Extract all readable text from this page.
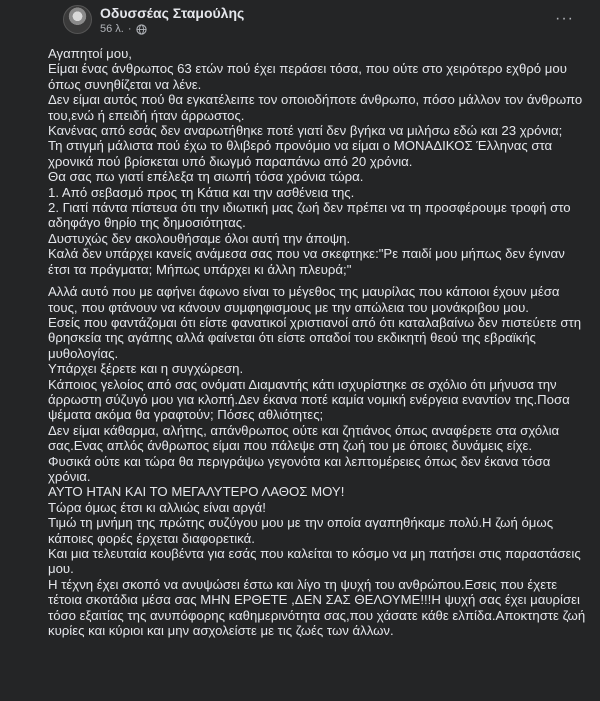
Οδυσσέας Σταμούλης
56 λ. ·
···

Αγαπητοί μου,

Είμαι ένας άνθρωπος 63 ετών πού έχει περάσει τόσα, που ούτε στο χειρότερο εχθρό μου όπως συνηθίζεται να λένε.

Δεν είμαι αυτός πού θα εγκατέλειπε τον οποιοδήποτε άνθρωπο, πόσο μάλλον τον άνθρωπο του,ενώ ή επειδή ήταν άρρωστος.

Κανένας από εσάς δεν αναρωτήθηκε ποτέ γιατί δεν βγήκα να μιλήσω εδώ και 23 χρόνια;

Τη στιγμή μάλιστα πού έχω το θλιβερό προνόμιο να είμαι ο ΜΟΝΑΔΙΚΟΣ Έλληνας στα χρονικά πού βρίσκεται υπό διωγμό παραπάνω από 20 χρόνια.

Θα σας πω γιατί επέλεξα τη σιωπή τόσα χρόνια τώρα.

1. Από σεβασμό προς τη Κάτια και την ασθένεια της.

2. Γιατί πάντα πίστευα ότι την ιδιωτική μας ζωή δεν πρέπει να τη προσφέρουμε τροφή στο αδηφάγο θηρίο της δημοσιότητας.

Δυστυχώς δεν ακολουθήσαμε όλοι αυτή την άποψη.

Καλά δεν υπάρχει κανείς ανάμεσα σας που να σκεφτηκε:"Ρε παιδί μου μήπως δεν έγιναν έτσι τα πράγματα; Μήπως υπάρχει κι άλλη πλευρά;"

Αλλά αυτό που με αφήνει άφωνο είναι το μέγεθος της μαυρίλας που κάποιοι έχουν μέσα τους, που φτάνουν να κάνουν συμφηφισμους με την απώλεια του μονάκριβου μου.

Εσείς που φαντάζομαι ότι είστε φανατικοί χριστιανοί από ότι καταλαβαίνω δεν πιστεύετε στη θρησκεία της αγάπης αλλά φαίνεται ότι είστε οπαδοί του εκδικητή θεού της εβραϊκής μυθολογίας.

Υπάρχει ξέρετε και η συγχώρεση.

Κάποιος γελοίος από σας ονόματι Διαμαντής κάτι ισχυρίστηκε σε σχόλιο ότι μήνυσα την άρρωστη σύζυγό μου για κλοπή.Δεν έκανα ποτέ καμία νομική ενέργεια εναντίον της.Ποσα ψέματα ακόμα θα γραφτούν; Πόσες αθλιότητες;

Δεν είμαι κάθαρμα, αλήτης, απάνθρωπος ούτε και ζητιάνος όπως αναφέρετε στα σχόλια σας.Ενας απλός άνθρωπος είμαι που πάλεψε στη ζωή του με όποιες δυνάμεις είχε.

Φυσικά ούτε και τώρα θα περιγράψω γεγονότα και λεπτομέρειες όπως δεν έκανα τόσα χρόνια.

ΑΥΤΟ ΗΤΑΝ ΚΑΙ ΤΟ ΜΕΓΑΛΥΤΕΡΟ ΛΑΘΟΣ ΜΟΥ!

Τώρα όμως έτσι κι αλλιώς είναι αργά!

Τιμώ τη μνήμη της πρώτης συζύγου μου με την οποία αγαπηθήκαμε πολύ.Η ζωή όμως κάποιες φορές έρχεται διαφορετικά.

Και μια τελευταία κουβέντα για εσάς που καλείται το κόσμο να μη πατήσει στις παραστάσεις μου.

Η τέχνη έχει σκοπό να ανυψώσει έστω και λίγο τη ψυχή του ανθρώπου.Εσεις που έχετε τέτοια σκοτάδια μέσα σας ΜΗΝ ΕΡΘΕΤΕ ,ΔΕΝ ΣΑΣ ΘΕΛΟΥΜΕ!!!Η ψυχή σας έχει μαυρίσει τόσο εξαιτίας της ανυπόφορης καθημερινότητα σας,που χάσατε κάθε ελπίδα.Αποκτηστε ζωή κυρίες και κύριοι και μην ασχολείστε με τις ζωές των άλλων.
